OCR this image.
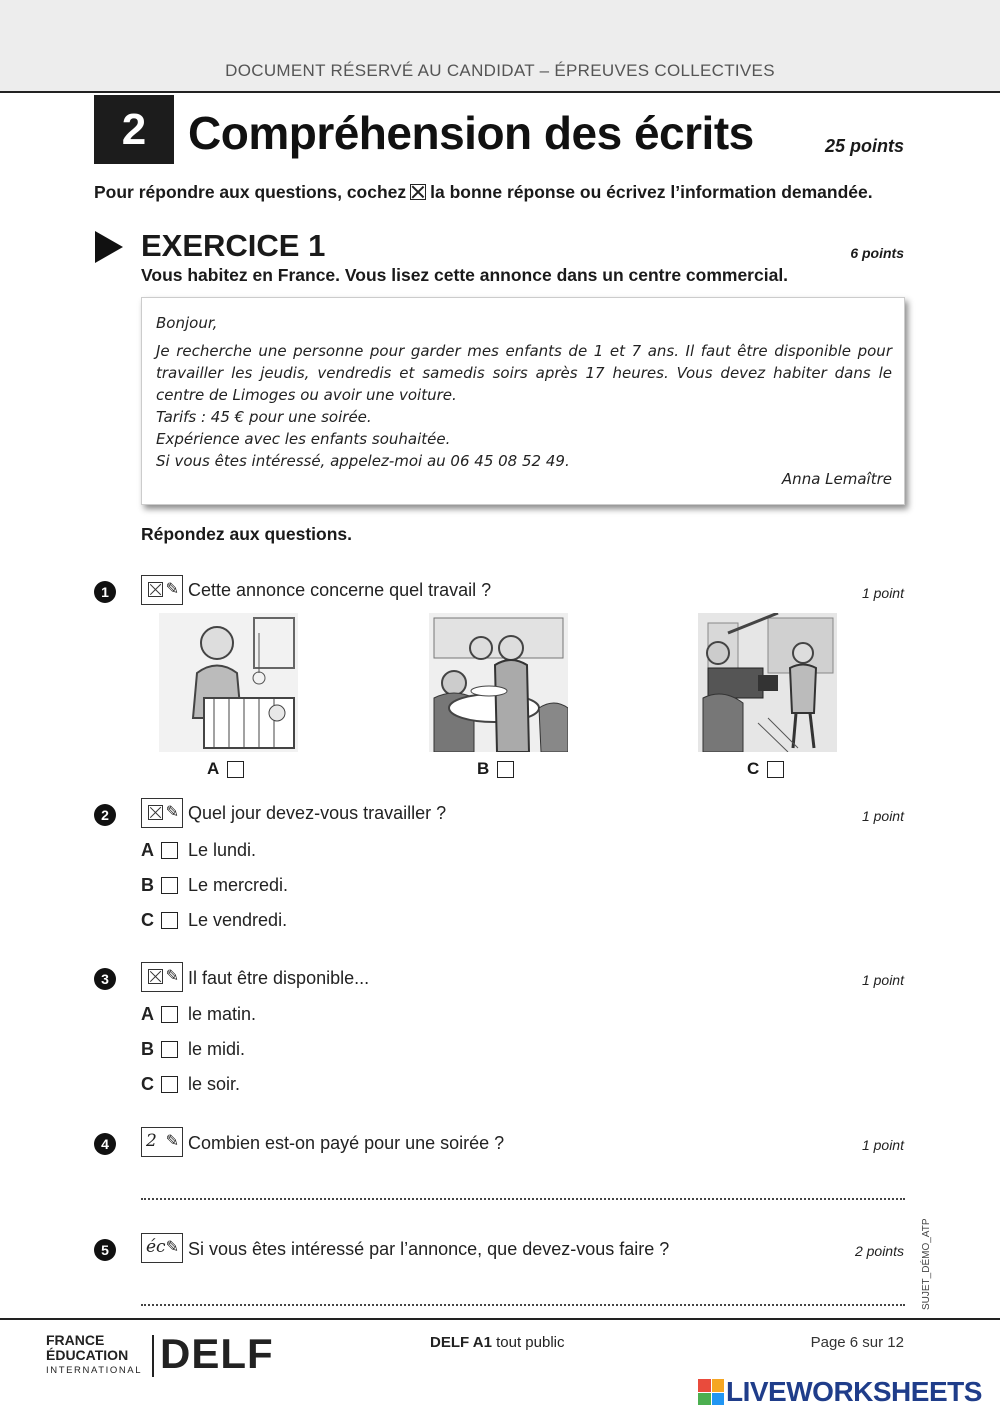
DOCUMENT RÉSERVÉ AU CANDIDAT – ÉPREUVES COLLECTIVES
2 Compréhension des écrits	25 points
Pour répondre aux questions, cochez la bonne réponse ou écrivez l’information demandée.
EXERCICE 1	6 points
Vous habitez en France. Vous lisez cette annonce dans un centre commercial.
Bonjour,
Je recherche une personne pour garder mes enfants de 1 et 7 ans. Il faut être disponible pour travailler les jeudis, vendredis et samedis soirs après 17 heures. Vous devez habiter dans le centre de Limoges ou avoir une voiture.
Tarifs : 45 € pour une soirée.
Expérience avec les enfants souhaitée.
Si vous êtes intéressé, appelez-moi au 06 45 08 52 49.
Anna Lemaître
Répondez aux questions.
1	✎ Cette annonce concerne quel travail ?	1 point
A	B	C
2	✎ Quel jour devez-vous travailler ?	1 point
A	Le lundi.
B	Le mercredi.
C	Le vendredi.
3	✎ Il faut être disponible...	1 point
A	le matin.
B	le midi.
C	le soir.
4	2 ✎ Combien est-on payé pour une soirée ?	1 point
5	éc ✎ Si vous êtes intéressé par l’annonce, que devez-vous faire ?	2 points SUJET_DÉMO_ATP
FRANCE
ÉDUCATION
INTERNATIONAL DELF	DELF A1 tout public	Page 6 sur 12
LIVEWORKSHEETS
